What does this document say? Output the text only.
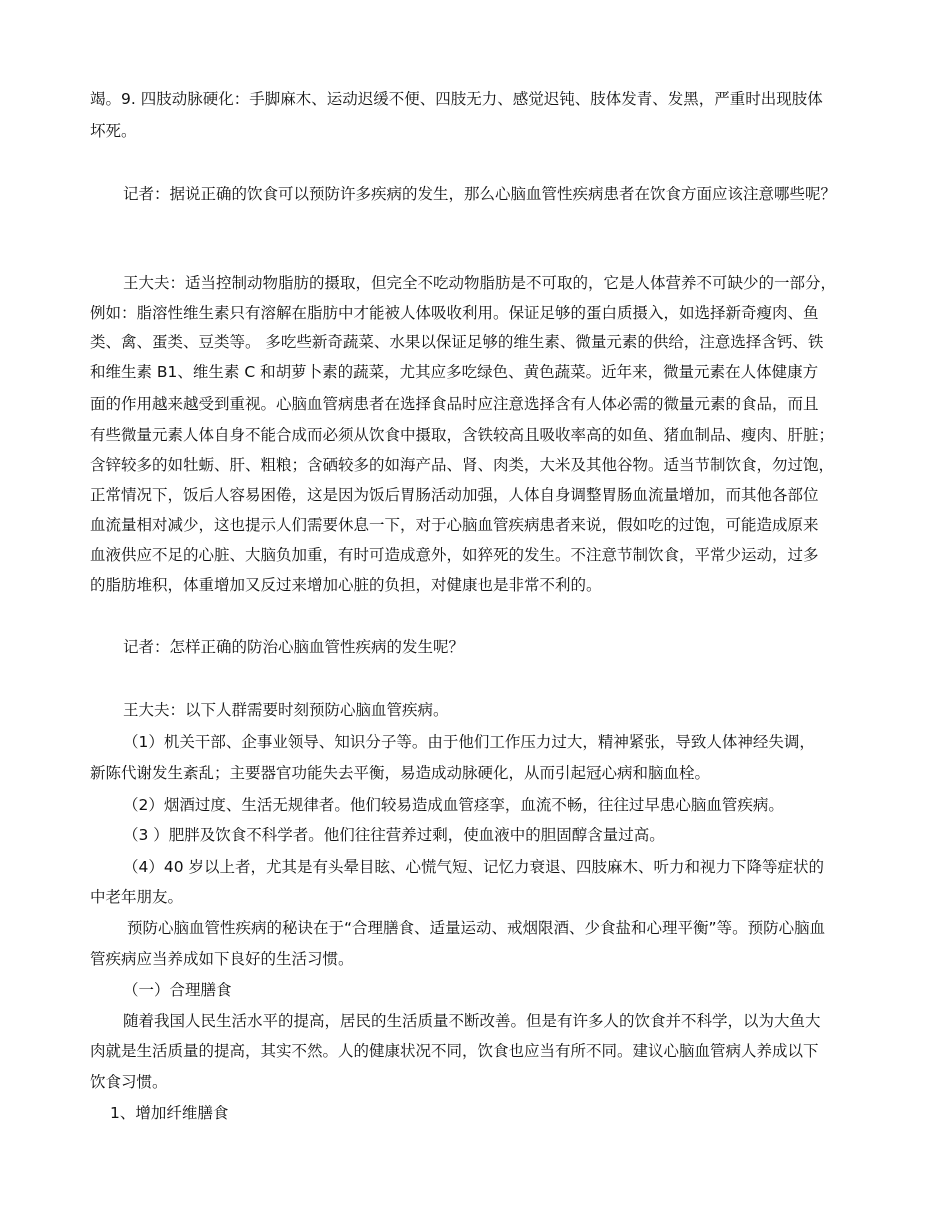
竭。9. 四肢动脉硬化：手脚麻木、运动迟缓不便、四肢无力、感觉迟钝、肢体发青、发黑，严重时出现肢体
坏死。
记者：据说正确的饮食可以预防许多疾病的发生，那么心脑血管性疾病患者在饮食方面应该注意哪些呢？
王大夫：适当控制动物脂肪的摄取，但完全不吃动物脂肪是不可取的，它是人体营养不可缺少的一部分，
例如：脂溶性维生素只有溶解在脂肪中才能被人体吸收利用。保证足够的蛋白质摄入，如选择新奇瘦肉、鱼
类、禽、蛋类、豆类等。 多吃些新奇蔬菜、水果以保证足够的维生素、微量元素的供给，注意选择含钙、铁
和维生素 B1、维生素 C 和胡萝卜素的蔬菜，尤其应多吃绿色、黄色蔬菜。近年来，微量元素在人体健康方
面的作用越来越受到重视。心脑血管病患者在选择食品时应注意选择含有人体必需的微量元素的食品，而且
有些微量元素人体自身不能合成而必须从饮食中摄取，含铁较高且吸收率高的如鱼、猪血制品、瘦肉、肝脏；
含锌较多的如牡蛎、肝、粗粮；含硒较多的如海产品、肾、肉类，大米及其他谷物。适当节制饮食，勿过饱，
正常情况下，饭后人容易困倦，这是因为饭后胃肠活动加强，人体自身调整胃肠血流量增加，而其他各部位
血流量相对减少，这也提示人们需要休息一下，对于心脑血管疾病患者来说，假如吃的过饱，可能造成原来
血液供应不足的心脏、大脑负加重，有时可造成意外，如猝死的发生。不注意节制饮食，平常少运动，过多
的脂肪堆积，体重增加又反过来增加心脏的负担，对健康也是非常不利的。
记者：怎样正确的防治心脑血管性疾病的发生呢？
王大夫：以下人群需要时刻预防心脑血管疾病。
（1）机关干部、企事业领导、知识分子等。由于他们工作压力过大，精神紧张，导致人体神经失调，
新陈代谢发生紊乱；主要器官功能失去平衡，易造成动脉硬化，从而引起冠心病和脑血栓。
（2）烟酒过度、生活无规律者。他们较易造成血管痉挛，血流不畅，往往过早患心脑血管疾病。
（3 ）肥胖及饮食不科学者。他们往往营养过剩，使血液中的胆固醇含量过高。
（4）40 岁以上者，尤其是有头晕目眩、心慌气短、记忆力衰退、四肢麻木、听力和视力下降等症状的
中老年朋友。
预防心脑血管性疾病的秘诀在于“合理膳食、适量运动、戒烟限酒、少食盐和心理平衡”等。预防心脑血
管疾病应当养成如下良好的生活习惯。
（一）合理膳食
随着我国人民生活水平的提高，居民的生活质量不断改善。但是有许多人的饮食并不科学，以为大鱼大
肉就是生活质量的提高，其实不然。人的健康状况不同，饮食也应当有所不同。建议心脑血管病人养成以下
饮食习惯。
1、增加纤维膳食
